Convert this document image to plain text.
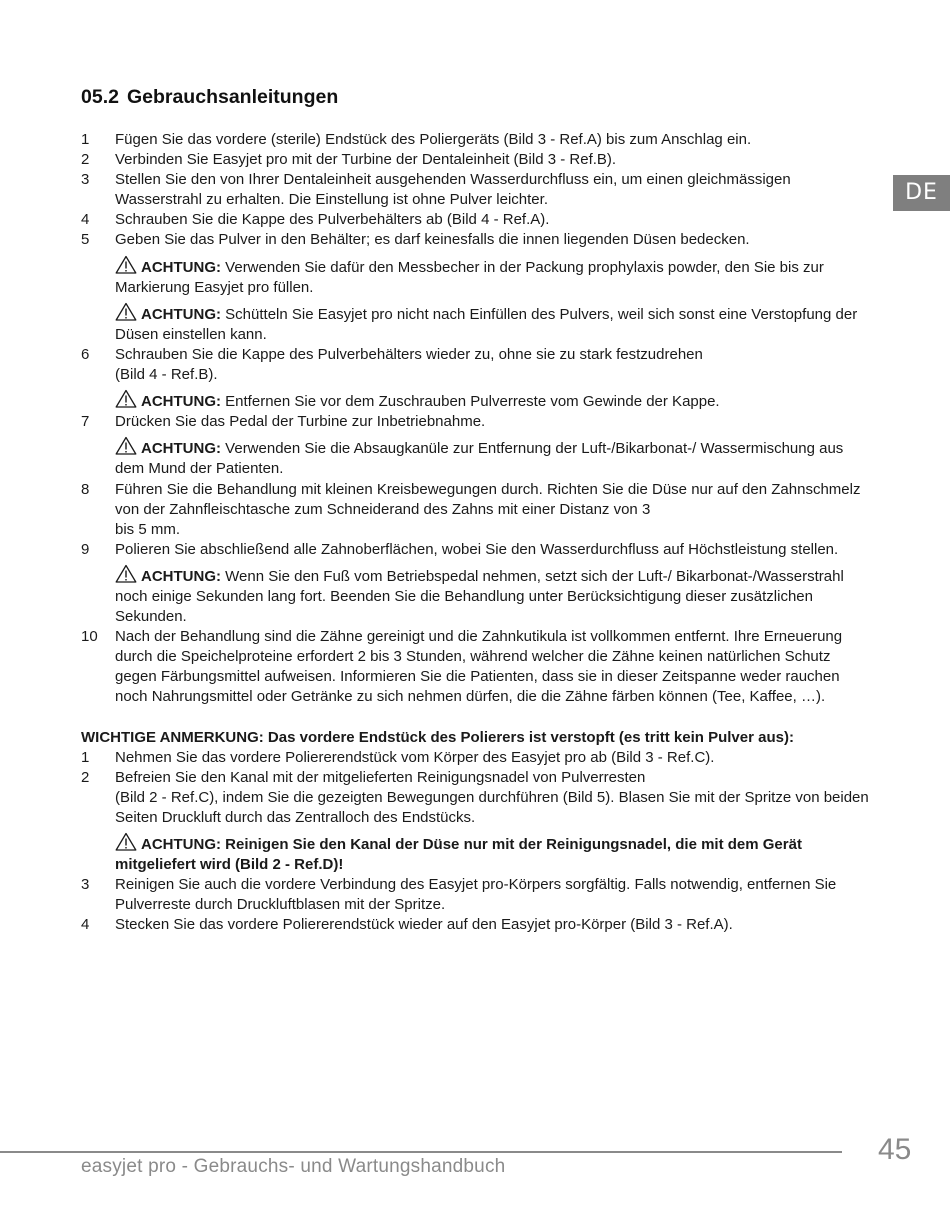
05.2 Gebrauchsanleitungen
DE
1	Fügen Sie das vordere (sterile) Endstück des Poliergeräts (Bild 3 - Ref.A) bis zum Anschlag ein.
2	Verbinden Sie Easyjet pro mit der Turbine der Dentaleinheit (Bild 3 - Ref.B).
3	Stellen Sie den von Ihrer Dentaleinheit ausgehenden Wasserdurchfluss ein, um einen gleichmässigen Wasserstrahl zu erhalten. Die Einstellung ist ohne Pulver leichter.
4	Schrauben Sie die Kappe des Pulverbehälters ab (Bild 4 - Ref.A).
5	Geben Sie das Pulver in den Behälter; es darf keinesfalls die innen liegenden Düsen bedecken.
ACHTUNG: Verwenden Sie dafür den Messbecher in der Packung prophylaxis powder, den Sie bis zur Markierung Easyjet pro füllen.
ACHTUNG: Schütteln Sie Easyjet pro nicht nach Einfüllen des Pulvers, weil sich sonst eine Verstopfung der Düsen einstellen kann.
6	Schrauben Sie die Kappe des Pulverbehälters wieder zu, ohne sie zu stark festzudrehen
(Bild 4 - Ref.B).
ACHTUNG: Entfernen Sie vor dem Zuschrauben Pulverreste vom Gewinde der Kappe.
7	Drücken Sie das Pedal der Turbine zur Inbetriebnahme.
ACHTUNG: Verwenden Sie die Absaugkanüle zur Entfernung der Luft-/Bikarbonat-/ Wassermischung aus dem Mund der Patienten.
8	Führen Sie die Behandlung mit kleinen Kreisbewegungen durch. Richten Sie die Düse nur auf den Zahnschmelz von der Zahnfleischtasche zum Schneiderand des Zahns mit einer Distanz von 3
bis 5 mm.
9	Polieren Sie abschließend alle Zahnoberflächen, wobei Sie den Wasserdurchfluss auf Höchstleistung stellen.
ACHTUNG: Wenn Sie den Fuß vom Betriebspedal nehmen, setzt sich der Luft-/ Bikarbonat-/Wasserstrahl noch einige Sekunden lang fort. Beenden Sie die Behandlung unter Berücksichtigung dieser zusätzlichen Sekunden.
10	Nach der Behandlung sind die Zähne gereinigt und die Zahnkutikula ist vollkommen entfernt. Ihre Erneuerung durch die Speichelproteine erfordert 2 bis 3 Stunden, während welcher die Zähne keinen natürlichen Schutz gegen Färbungsmittel aufweisen. Informieren Sie die Patienten, dass sie in dieser Zeitspanne weder rauchen noch Nahrungsmittel oder Getränke zu sich nehmen dürfen, die die Zähne färben können (Tee, Kaffee, …).
WICHTIGE ANMERKUNG: Das vordere Endstück des Polierers ist verstopft (es tritt kein Pulver aus):
1	Nehmen Sie das vordere Poliererendstück vom Körper des Easyjet pro ab (Bild 3 - Ref.C).
2	Befreien Sie den Kanal mit der mitgelieferten Reinigungsnadel von Pulverresten
(Bild 2 - Ref.C), indem Sie die gezeigten Bewegungen durchführen (Bild 5). Blasen Sie mit der Spritze von beiden Seiten Druckluft durch das Zentralloch des Endstücks.
ACHTUNG: Reinigen Sie den Kanal der Düse nur mit der Reinigungsnadel, die mit dem Gerät mitgeliefert wird (Bild 2 - Ref.D)!
3	Reinigen Sie auch die vordere Verbindung des Easyjet pro-Körpers sorgfältig. Falls notwendig, entfernen Sie Pulverreste durch Druckluftblasen mit der Spritze.
4	Stecken Sie das vordere Poliererendstück wieder auf den Easyjet pro-Körper (Bild 3 - Ref.A).
easyjet pro - Gebrauchs- und Wartungshandbuch
45
